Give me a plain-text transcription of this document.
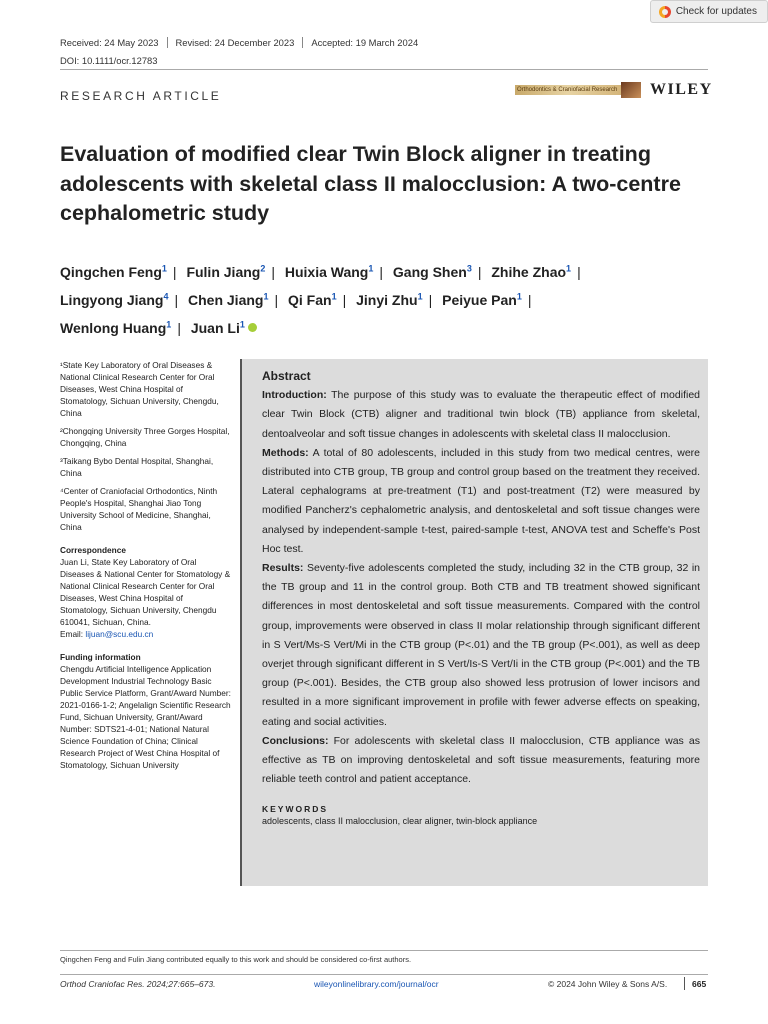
Check for updates
Received: 24 May 2023	Revised: 24 December 2023	Accepted: 19 March 2024
DOI: 10.1111/ocr.12783
RESEARCH ARTICLE	Orthodontics & Craniofacial Research WILEY
Evaluation of modified clear Twin Block aligner in treating adolescents with skeletal class II malocclusion: A two-centre cephalometric study
Qingchen Feng$^1$ | Fulin Jiang$^2$ | Huixia Wang$^1$ | Gang Shen$^3$ | Zhihe Zhao$^1$ |
Lingyong Jiang$^4$ | Chen Jiang$^1$ | Qi Fan$^1$ | Jinyi Zhu$^1$ | Peiyue Pan$^1$ |
Wenlong Huang$^1$ | Juan Li$^1$

¹State Key Laboratory of Oral Diseases & National Clinical Research Center for Oral Diseases, West China Hospital of Stomatology, Sichuan University, Chengdu, China

²Chongqing University Three Gorges Hospital, Chongqing, China

³Taikang Bybo Dental Hospital, Shanghai, China

⁴Center of Craniofacial Orthodontics, Ninth People's Hospital, Shanghai Jiao Tong University School of Medicine, Shanghai, China

Correspondence

Juan Li, State Key Laboratory of Oral Diseases & National Center for Stomatology & National Clinical Research Center for Oral Diseases, West China Hospital of Stomatology, Sichuan University, Chengdu 610041, Sichuan, China.

Email: lijuan@scu.edu.cn

Funding information

Chengdu Artificial Intelligence Application Development Industrial Technology Basic Public Service Platform, Grant/Award Number: 2021-0166-1-2; Angelalign Scientific Research Fund, Sichuan University, Grant/Award Number: SDTS21-4-01; National Natural Science Foundation of China; Clinical Research Project of West China Hospital of Stomatology, Sichuan University

Abstract

Introduction: The purpose of this study was to evaluate the therapeutic effect of modified clear Twin Block (CTB) aligner and traditional twin block (TB) appliance from skeletal, dentoalveolar and soft tissue changes in adolescents with skeletal class II malocclusion.

Methods: A total of 80 adolescents, included in this study from two medical centres, were distributed into CTB group, TB group and control group based on the treatment they received. Lateral cephalograms at pre-treatment (T1) and post-treatment (T2) were measured by modified Pancherz's cephalometric analysis, and dentoskeletal and soft tissue changes were analysed by independent-sample t-test, paired-sample t-test, ANOVA test and Scheffe's Post Hoc test.

Results: Seventy-five adolescents completed the study, including 32 in the CTB group, 32 in the TB group and 11 in the control group. Both CTB and TB treatment showed significant differences in most dentoskeletal and soft tissue measurements. Compared with the control group, improvements were observed in class II molar relationship through significant different in S Vert/Ms-S Vert/Mi in the CTB group (P<.01) and the TB group (P<.001), as well as deep overjet through significant different in S Vert/Is-S Vert/Ii in the CTB group (P<.001) and the TB group (P<.001). Besides, the CTB group also showed less protrusion of lower incisors and resulted in a more significant improvement in profile with fewer adverse effects on speaking, eating and social activities.

Conclusions: For adolescents with skeletal class II malocclusion, CTB appliance was as effective as TB on improving dentoskeletal and soft tissue measurements, featuring more reliable teeth control and patient acceptance.

KEYWORDS

adolescents, class II malocclusion, clear aligner, twin-block appliance

Qingchen Feng and Fulin Jiang contributed equally to this work and should be considered co-first authors.
Orthod Craniofac Res. 2024;27:665–673.	wileyonlinelibrary.com/journal/ocr	© 2024 John Wiley & Sons A/S.	665
